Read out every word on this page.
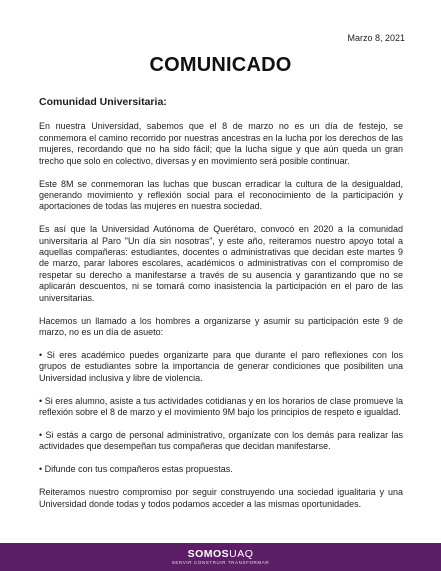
Marzo 8, 2021
COMUNICADO
Comunidad Universitaria:

En nuestra Universidad, sabemos que el 8 de marzo no es un día de festejo, se conmemora el camino recorrido por nuestras ancestras en la lucha por los derechos de las mujeres, recordando que no ha sido fácil; que la lucha sigue y que aún queda un gran trecho que solo en colectivo, diversas y en movimiento será posible continuar.

Este 8M se conmemoran las luchas que buscan erradicar la cultura de la desigualdad, generando movimiento y reflexión social para el reconocimiento de la participación y aportaciones de todas las mujeres en nuestra sociedad.

Es así que la Universidad Autónoma de Querétaro, convocó en 2020 a la comunidad universitaria al Paro "Un día sin nosotras", y este año, reiteramos nuestro apoyo total a aquellas compañeras: estudiantes, docentes o administrativas que decidan este martes 9 de marzo, parar labores escolares, académicos o administrativas con el compromiso de respetar su derecho a manifestarse a través de su ausencia y garantizando que no se aplicarán descuentos, ni se tomará como inasistencia la participación en el paro de las universitarias.

Hacemos un llamado a los hombres a organizarse y asumir su participación este 9 de marzo, no es un día de asueto:

• Si eres académico puedes organizarte para que durante el paro reflexiones con los grupos de estudiantes sobre la importancia de generar condiciones que posibiliten una Universidad inclusiva y libre de violencia.
• Si eres alumno, asiste a tus actividades cotidianas y en los horarios de clase promueve la reflexión sobre el 8 de marzo y el movimiento 9M bajo los principios de respeto e igualdad.
• Si estás a cargo de personal administrativo, organízate con los demás para realizar las actividades que desempeñan tus compañeras que decidan manifestarse.
• Difunde con tus compañeros estas propuestas.

Reiteramos nuestro compromiso por seguir construyendo una sociedad igualitaria y una Universidad donde todas y todos podamos acceder a las mismas oportunidades.

SOMOSUAQ
SERVIR CONSTRUIR TRANSFORMAR
